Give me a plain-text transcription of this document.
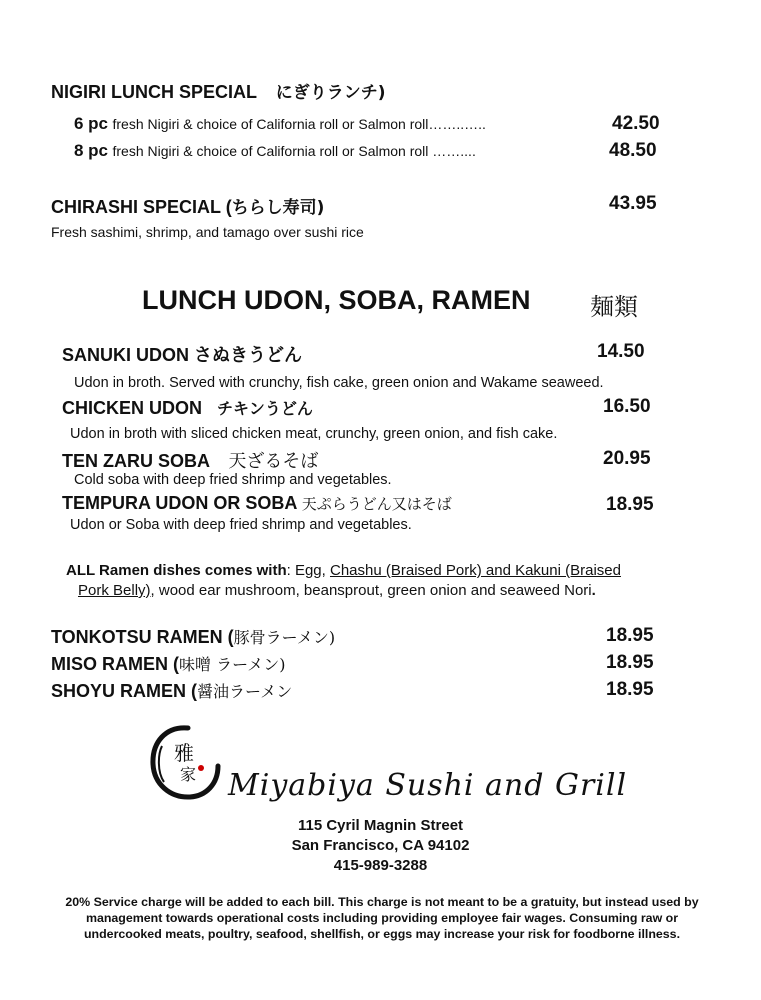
NIGIRI LUNCH SPECIAL にぎりランチ)
6 pc fresh Nigiri & choice of California roll or Salmon roll……..…..	42.50
8 pc fresh Nigiri & choice of California roll or Salmon roll ……....	48.50
CHIRASHI SPECIAL (ちらし寿司)	43.95
Fresh sashimi, shrimp, and tamago over sushi rice
LUNCH UDON, SOBA, RAMEN 麺類
SANUKI UDON さぬきうどん	14.50
Udon in broth. Served with crunchy, fish cake, green onion and Wakame seaweed.
CHICKEN UDON チキンうどん	16.50
Udon in broth with sliced chicken meat, crunchy, green onion, and fish cake.
TEN ZARU SOBA 天ざるそば	20.95
Cold soba with deep fried shrimp and vegetables.
TEMPURA UDON OR SOBA 天ぷらうどん又はそば	18.95
Udon or Soba with deep fried shrimp and vegetables.
ALL Ramen dishes comes with: Egg, Chashu (Braised Pork) and Kakuni (Braised
Pork Belly), wood ear mushroom, beansprout, green onion and seaweed Nori.
TONKOTSU RAMEN (豚骨ラーメン)	18.95
MISO RAMEN (味噌 ラーメン)	18.95
SHOYU RAMEN (醤油ラーメン	18.95
雅
家 Miyabiya Sushi and Grill
115 Cyril Magnin Street
San Francisco, CA 94102
415-989-3288
20% Service charge will be added to each bill. This charge is not meant to be a gratuity, but instead used by management towards operational costs including providing employee fair wages. Consuming raw or undercooked meats, poultry, seafood, shellfish, or eggs may increase your risk for foodborne illness.
